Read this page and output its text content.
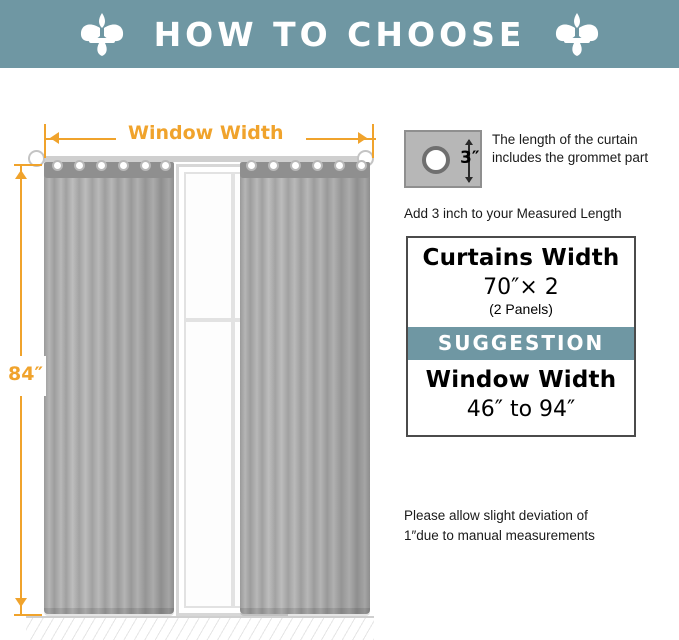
HOW TO CHOOSE
Window Width
84″
3″
The length of the curtain includes the grommet part
Add 3 inch to your Measured Length
Curtains Width
70″× 2
(2 Panels)
SUGGESTION
Window Width
46″ to 94″
Please allow slight deviation of
1″due to manual measurements
